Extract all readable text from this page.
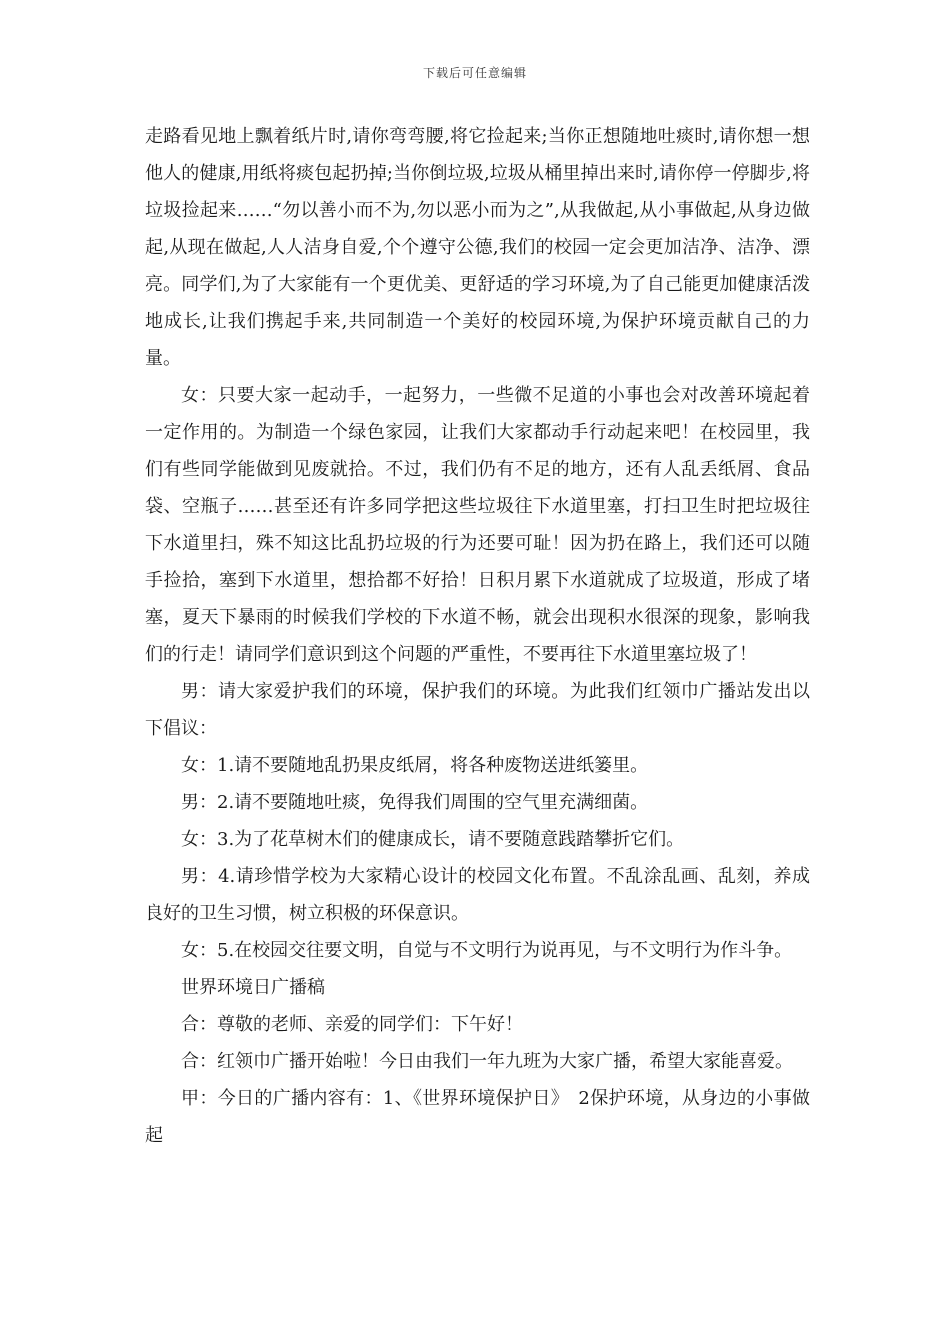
下载后可任意编辑

走路看见地上飘着纸片时,请你弯弯腰,将它捡起来;当你正想随地吐痰时,请你想一想他人的健康,用纸将痰包起扔掉;当你倒垃圾,垃圾从桶里掉出来时,请你停一停脚步,将垃圾捡起来……“勿以善小而不为,勿以恶小而为之”,从我做起,从小事做起,从身边做起,从现在做起,人人洁身自爱,个个遵守公德,我们的校园一定会更加洁净、洁净、漂亮。同学们,为了大家能有一个更优美、更舒适的学习环境,为了自己能更加健康活泼地成长,让我们携起手来,共同制造一个美好的校园环境,为保护环境贡献自己的力量。

女：只要大家一起动手，一起努力，一些微不足道的小事也会对改善环境起着一定作用的。为制造一个绿色家园，让我们大家都动手行动起来吧！在校园里，我们有些同学能做到见废就拾。不过，我们仍有不足的地方，还有人乱丢纸屑、食品袋、空瓶子……甚至还有许多同学把这些垃圾往下水道里塞，打扫卫生时把垃圾往下水道里扫，殊不知这比乱扔垃圾的行为还要可耻！因为扔在路上，我们还可以随手捡拾，塞到下水道里，想拾都不好拾！日积月累下水道就成了垃圾道，形成了堵塞，夏天下暴雨的时候我们学校的下水道不畅，就会出现积水很深的现象，影响我们的行走！请同学们意识到这个问题的严重性，不要再往下水道里塞垃圾了！

男：请大家爱护我们的环境，保护我们的环境。为此我们红领巾广播站发出以下倡议：

女：1.请不要随地乱扔果皮纸屑，将各种废物送进纸篓里。

男：2.请不要随地吐痰，免得我们周围的空气里充满细菌。

女：3.为了花草树木们的健康成长，请不要随意践踏攀折它们。

男：4.请珍惜学校为大家精心设计的校园文化布置。不乱涂乱画、乱刻，养成良好的卫生习惯，树立积极的环保意识。

女：5.在校园交往要文明，自觉与不文明行为说再见，与不文明行为作斗争。

世界环境日广播稿

合：尊敬的老师、亲爱的同学们：下午好！

合：红领巾广播开始啦！今日由我们一年九班为大家广播，希望大家能喜爱。

甲：今日的广播内容有：1、《世界环境保护日》　2保护环境，从身边的小事做起
